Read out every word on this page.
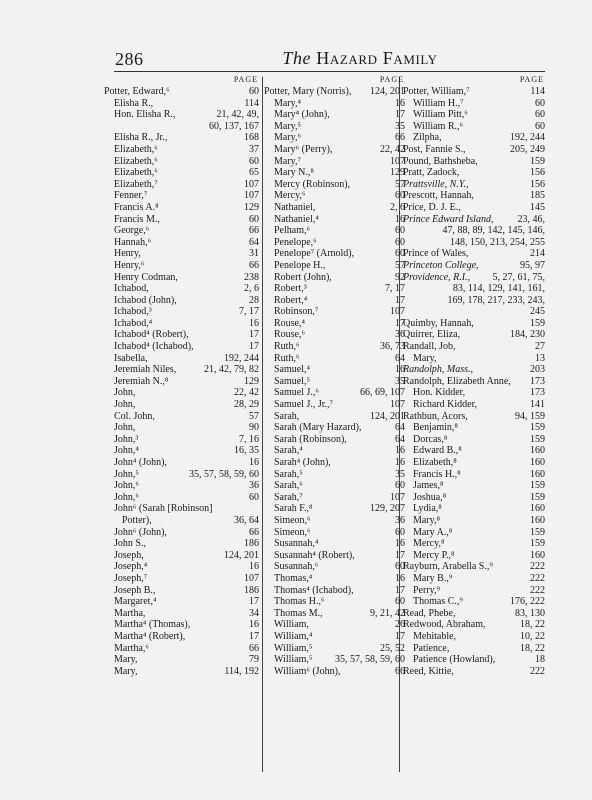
286	The Hazard Family
PAGE
Potter, Edward,⁶	60
Elisha R.,	114
Hon. Elisha R.,	21, 42, 49,
60, 137, 167
Elisha R., Jr.,	168
Elizabeth,⁶	37
Elizabeth,⁶	60
Elizabeth,⁶	65
Elizabeth,⁷	107
Fenner,⁷	107
Francis A.⁸	129
Francis M.,	60
George,⁶	66
Hannah,⁶	64
Henry,	31
Henry,⁶	66
Henry Codman,	238
Ichabod,	2, 6
Ichabod (John),	28
Ichabod,³	7, 17
Ichabod,⁴	16
Ichabod⁴ (Robert),	17
Ichabod⁴ (Ichabod),	17
Isabella,	192, 244
Jeremiah Niles,	21, 42, 79, 82
Jeremiah N.,⁸	129
John,	22, 42
John,	28, 29
Col. John,	57
John,	90
John,³	7, 16
John,⁴	16, 35
John⁴ (John),	16
John,⁵	35, 57, 58, 59, 60
John,⁶	36
John,⁶	60
John⁶ (Sarah [Robinson]
Potter),	36, 64
John⁶ (John),	66
John S.,	186
Joseph,	124, 201
Joseph,⁴	16
Joseph,⁷	107
Joseph B.,	186
Margaret,⁴	17
Martha,	34
Martha⁴ (Thomas),	16
Martha⁴ (Robert),	17
Martha,⁶	66
Mary,	79
Mary,	114, 192
PAGE
Potter, Mary (Norris),	124, 201
Mary,⁴	16
Mary⁴ (John),	17
Mary,⁵	35
Mary,⁶	66
Mary⁶ (Perry),	22, 42
Mary,⁷	107
Mary N.,⁸	129
Mercy (Robinson),	57
Mercy,⁶	60
Nathaniel,	2, 6
Nathaniel,⁴	16
Pelham,⁶	60
Penelope,⁶	60
Penelope⁷ (Arnold),	60
Penelope H.,	57
Robert (John),	92
Robert,³	7, 17
Robert,⁴	17
Robinson,⁷	107
Rouse,⁴	17
Rouse,⁶	36
Ruth,⁶	36, 73
Ruth,⁶	64
Samuel,⁴	16
Samuel,⁵	35
Samuel J.,⁶	66, 69, 107
Samuel J., Jr.,⁷	107
Sarah,	124, 201
Sarah (Mary Hazard),	64
Sarah (Robinson),	64
Sarah,⁴	16
Sarah⁴ (John),	16
Sarah,⁵	35
Sarah,⁶	60
Sarah,⁷	107
Sarah F.,⁸	129, 207
Simeon,⁶	36
Simeon,⁶	60
Susannah,⁴	16
Susannah⁴ (Robert),	17
Susannah,⁶	60
Thomas,⁴	16
Thomas⁴ (Ichabod),	17
Thomas H.,⁶	60
Thomas M.,	9, 21, 42
William,	26
William,⁴	17
William,⁵	25, 52
William,⁵	35, 57, 58, 59, 60
William⁶ (John),	66
PAGE
Potter, William,⁷	114
William H.,⁷	60
William Pitt,⁶	60
William R.,⁶	60
Zilpha,	192, 244
Post, Fannie S.,	205, 249
Pound, Bathsheba,	159
Pratt, Zadock,	156
Prattsville, N.Y.,	156
Prescott, Hannah,	185
Price, D. J. E.,	145
Prince Edward Island,	23, 46,
47, 88, 89, 142, 145, 146,
148, 150, 213, 254, 255
Prince of Wales,	214
Princeton College,	95, 97
Providence, R.I.,	5, 27, 61, 75,
83, 114, 129, 141, 161,
169, 178, 217, 233, 243,
245
Quimby, Hannah,	159
Quirrer, Eliza,	184, 230
Randall, Job,	27
Mary,	13
Randolph, Mass.,	203
Randolph, Elizabeth Anne,	173
Hon. Kidder,	173
Richard Kidder,	141
Rathbun, Acors,	94, 159
Benjamin,⁸	159
Dorcas,⁸	159
Edward B.,⁸	160
Elizabeth,⁸	160
Francis H.,⁸	160
James,⁸	159
Joshua,⁸	159
Lydia,⁸	160
Mary,⁸	160
Mary A.,⁸	159
Mercy,⁸	159
Mercy P.,⁸	160
Rayburn, Arabella S.,⁹	222
Mary B.,⁹	222
Perry,⁹	222
Thomas C.,⁹	176, 222
Read, Phebe,	83, 130
Redwood, Abraham,	18, 22
Mehitable,	10, 22
Patience,	18, 22
Patience (Howland),	18
Reed, Kittie,	222
